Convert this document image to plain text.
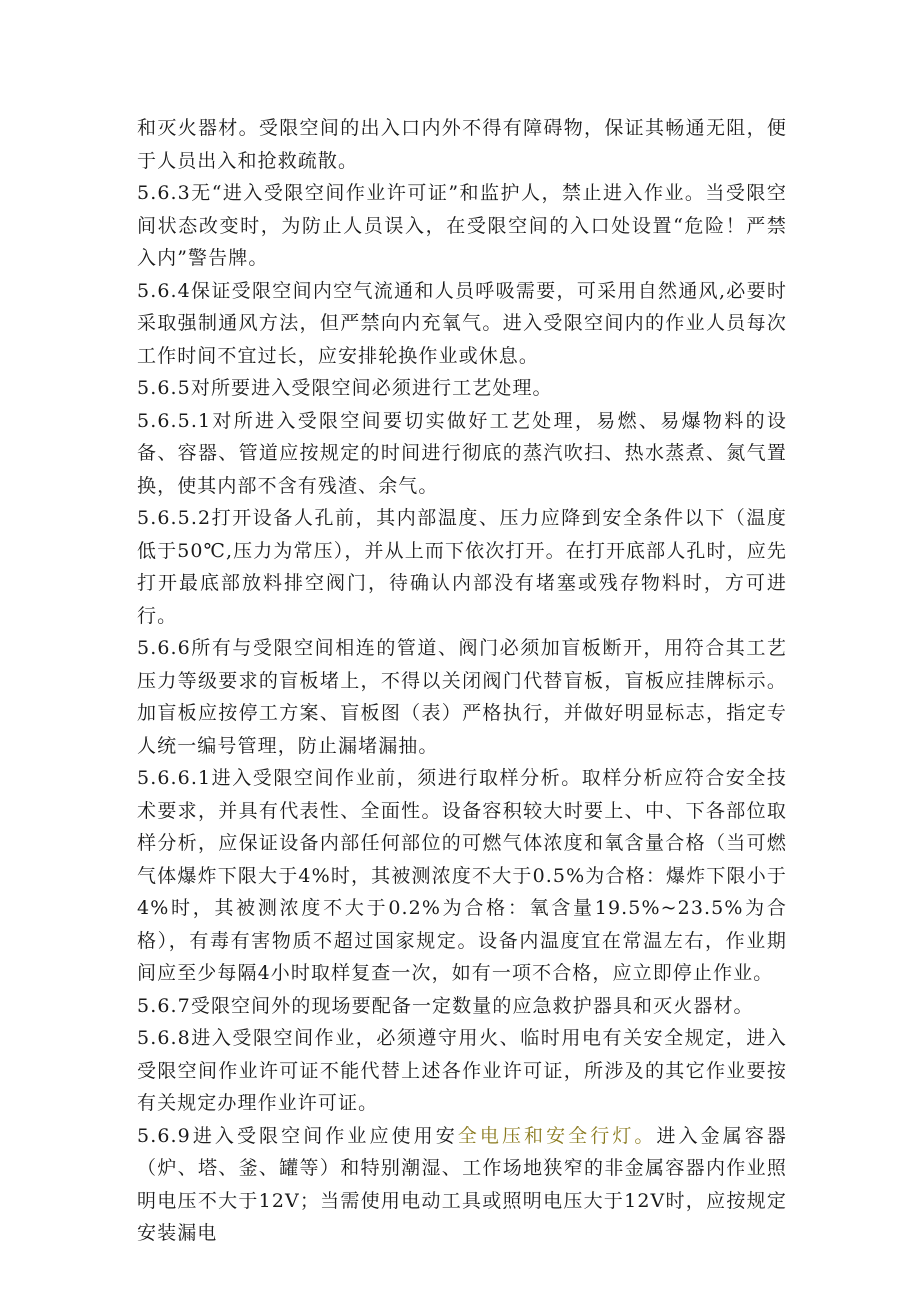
和灭火器材。受限空间的出入口内外不得有障碍物，保证其畅通无阻，便于人员出入和抢救疏散。

5.6.3无“进入受限空间作业许可证”和监护人，禁止进入作业。当受限空间状态改变时，为防止人员误入，在受限空间的入口处设置“危险！严禁入内”警告牌。

5.6.4保证受限空间内空气流通和人员呼吸需要，可采用自然通风,必要时采取强制通风方法，但严禁向内充氧气。进入受限空间内的作业人员每次工作时间不宜过长，应安排轮换作业或休息。

5.6.5对所要进入受限空间必须进行工艺处理。

5.6.5.1对所进入受限空间要切实做好工艺处理，易燃、易爆物料的设备、容器、管道应按规定的时间进行彻底的蒸汽吹扫、热水蒸煮、氮气置换，使其内部不含有残渣、余气。

5.6.5.2打开设备人孔前，其内部温度、压力应降到安全条件以下（温度低于50℃,压力为常压），并从上而下依次打开。在打开底部人孔时，应先打开最底部放料排空阀门，待确认内部没有堵塞或残存物料时，方可进行。

5.6.6所有与受限空间相连的管道、阀门必须加盲板断开，用符合其工艺压力等级要求的盲板堵上，不得以关闭阀门代替盲板，盲板应挂牌标示。加盲板应按停工方案、盲板图（表）严格执行，并做好明显标志，指定专人统一编号管理，防止漏堵漏抽。

5.6.6.1进入受限空间作业前，须进行取样分析。取样分析应符合安全技术要求，并具有代表性、全面性。设备容积较大时要上、中、下各部位取样分析，应保证设备内部任何部位的可燃气体浓度和氧含量合格（当可燃气体爆炸下限大于4%时，其被测浓度不大于0.5%为合格：爆炸下限小于4%时，其被测浓度不大于0.2%为合格：氧含量19.5%~23.5%为合格），有毒有害物质不超过国家规定。设备内温度宜在常温左右，作业期间应至少每隔4小时取样复查一次，如有一项不合格，应立即停止作业。

5.6.7受限空间外的现场要配备一定数量的应急救护器具和灭火器材。

5.6.8进入受限空间作业，必须遵守用火、临时用电有关安全规定，进入受限空间作业许可证不能代替上述各作业许可证，所涉及的其它作业要按有关规定办理作业许可证。

5.6.9进入受限空间作业应使用安全电压和安全行灯。进入金属容器（炉、塔、釜、罐等）和特别潮湿、工作场地狭窄的非金属容器内作业照明电压不大于12V；当需使用电动工具或照明电压大于12V时，应按规定安装漏电
